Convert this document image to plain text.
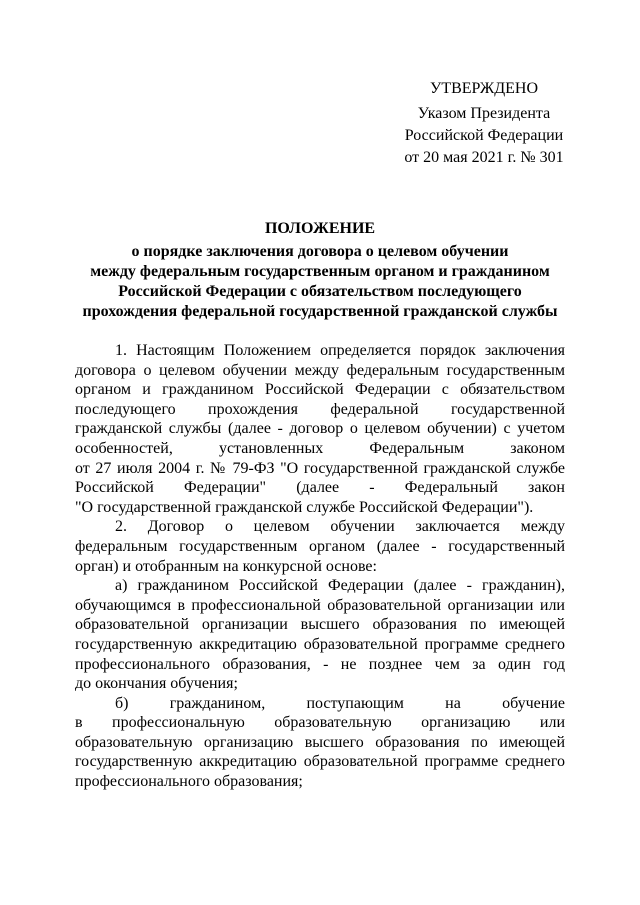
УТВЕРЖДЕНО
Указом Президента
Российской Федерации
от 20 мая 2021 г. № 301
ПОЛОЖЕНИЕ
о порядке заключения договора о целевом обучении
между федеральным государственным органом и гражданином
Российской Федерации с обязательством последующего
прохождения федеральной государственной гражданской службы
1. Настоящим Положением определяется порядок заключения
договора о целевом обучении между федеральным государственным
органом и гражданином Российской Федерации с обязательством
последующего прохождения федеральной государственной
гражданской службы (далее - договор о целевом обучении) с учетом
особенностей, установленных Федеральным законом
от 27 июля 2004 г. № 79-ФЗ "О государственной гражданской службе
Российской Федерации" (далее - Федеральный закон
"О государственной гражданской службе Российской Федерации").
2. Договор о целевом обучении заключается между
федеральным государственным органом (далее - государственный
орган) и отобранным на конкурсной основе:
а) гражданином Российской Федерации (далее - гражданин),
обучающимся в профессиональной образовательной организации или
образовательной организации высшего образования по имеющей
государственную аккредитацию образовательной программе среднего
профессионального образования, - не позднее чем за один год
до окончания обучения;
б) гражданином, поступающим на обучение
в профессиональную образовательную организацию или
образовательную организацию высшего образования по имеющей
государственную аккредитацию образовательной программе среднего
профессионального образования;
